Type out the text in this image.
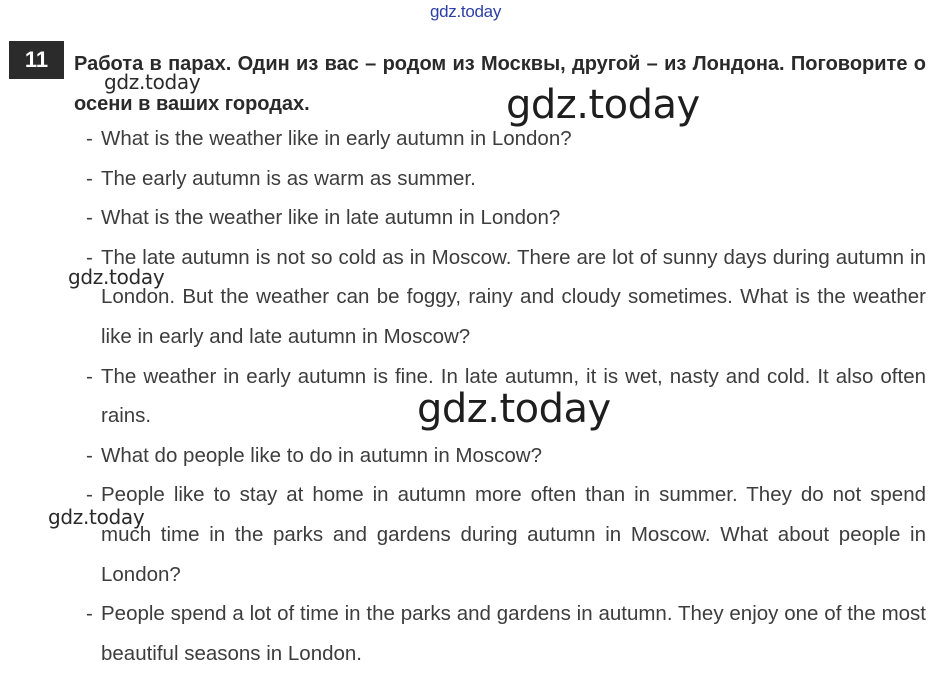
gdz.today
11	Работа в парах. Один из вас – родом из Москвы, другой – из Лондона. Поговорите о осени в ваших городах.

- What is the weather like in early autumn in London?
- The early autumn is as warm as summer.
- What is the weather like in late autumn in London?
- The late autumn is not so cold as in Moscow. There are lot of sunny days during autumn in London. But the weather can be foggy, rainy and cloudy sometimes. What is the weather like in early and late autumn in Moscow?
- The weather in early autumn is fine. In late autumn, it is wet, nasty and cold. It also often rains.
- What do people like to do in autumn in Moscow?
- People like to stay at home in autumn more often than in summer. They do not spend much time in the parks and gardens during autumn in Moscow. What about people in London?
- People spend a lot of time in the parks and gardens in autumn. They enjoy one of the most beautiful seasons in London.
gdz.today	gdz.today
gdz.today
gdz.today
gdz.today
